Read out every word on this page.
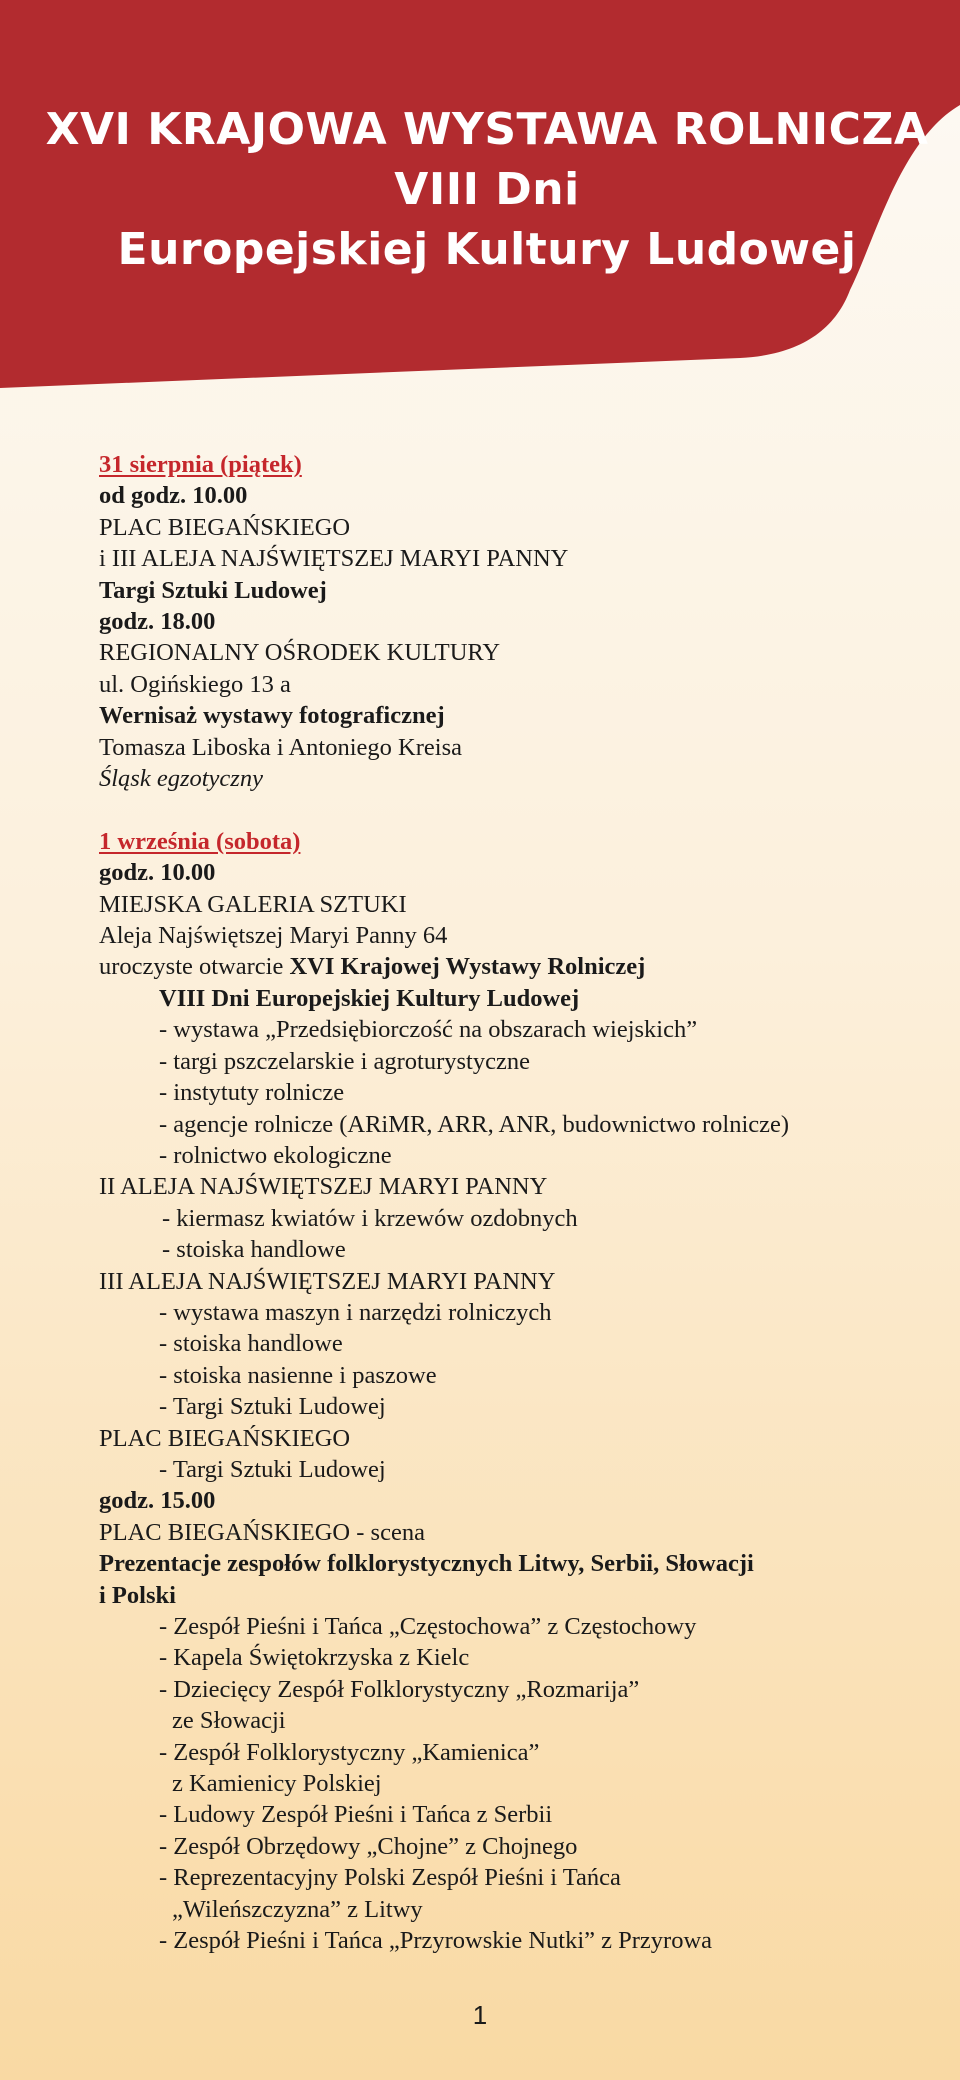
XVI KRAJOWA WYSTAWA ROLNICZA
VIII Dni
Europejskiej Kultury Ludowej
31 sierpnia (piątek)
od godz. 10.00
PLAC BIEGAŃSKIEGO
i III ALEJA NAJŚWIĘTSZEJ MARYI PANNY
Targi Sztuki Ludowej
godz. 18.00
REGIONALNY OŚRODEK KULTURY
ul. Ogińskiego 13 a
Wernisaż wystawy fotograficznej
Tomasza Liboska i Antoniego Kreisa
Śląsk egzotyczny
1 września (sobota)
godz. 10.00
MIEJSKA GALERIA SZTUKI
Aleja Najświętszej Maryi Panny 64
uroczyste otwarcie XVI Krajowej Wystawy Rolniczej
VIII Dni Europejskiej Kultury Ludowej
- wystawa „Przedsiębiorczość na obszarach wiejskich”
- targi pszczelarskie i agroturystyczne
- instytuty rolnicze
- agencje rolnicze (ARiMR, ARR, ANR, budownictwo rolnicze)
- rolnictwo ekologiczne
II ALEJA NAJŚWIĘTSZEJ MARYI PANNY
- kiermasz kwiatów i krzewów ozdobnych
- stoiska handlowe
III ALEJA NAJŚWIĘTSZEJ MARYI PANNY
- wystawa maszyn i narzędzi rolniczych
- stoiska handlowe
- stoiska nasienne i paszowe
- Targi Sztuki Ludowej
PLAC BIEGAŃSKIEGO
- Targi Sztuki Ludowej
godz. 15.00
PLAC BIEGAŃSKIEGO - scena
Prezentacje zespołów folklorystycznych Litwy, Serbii, Słowacji
i Polski
- Zespół Pieśni i Tańca „Częstochowa” z Częstochowy
- Kapela Świętokrzyska z Kielc
- Dziecięcy Zespół Folklorystyczny „Rozmarija”
ze Słowacji
- Zespół Folklorystyczny „Kamienica”
z Kamienicy Polskiej
- Ludowy Zespół Pieśni i Tańca z Serbii
- Zespół Obrzędowy „Chojne” z Chojnego
- Reprezentacyjny Polski Zespół Pieśni i Tańca
„Wileńszczyzna” z Litwy
- Zespół Pieśni i Tańca „Przyrowskie Nutki” z Przyrowa
1
